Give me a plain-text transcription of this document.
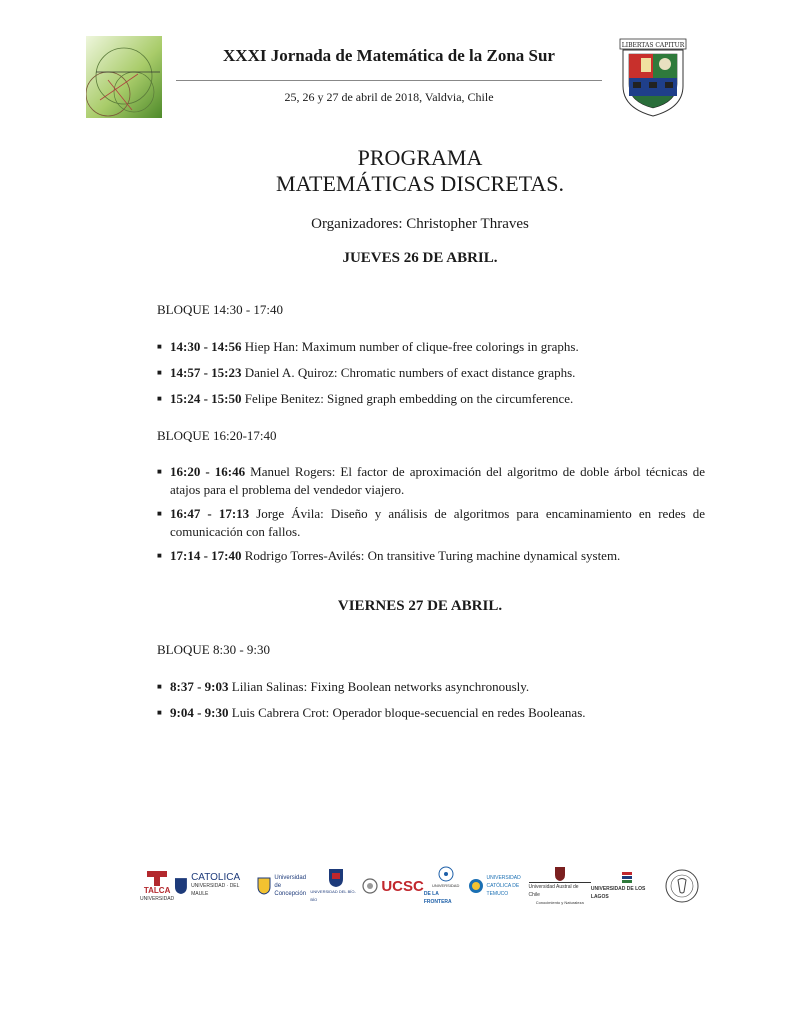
XXXI Jornada de Matemática de la Zona Sur
25, 26 y 27 de abril de 2018, Valdvia, Chile
LIBERTAS CAPITUR
PROGRAMA
MATEMÁTICAS DISCRETAS.
Organizadores: Christopher Thraves
JUEVES 26 DE ABRIL.
BLOQUE 14:30 - 17:40
■ 14:30 - 14:56 Hiep Han: Maximum number of clique-free colorings in graphs.
■ 14:57 - 15:23 Daniel A. Quiroz: Chromatic numbers of exact distance graphs.
■ 15:24 - 15:50 Felipe Benitez: Signed graph embedding on the circumference.
BLOQUE 16:20-17:40
■ 16:20 - 16:46 Manuel Rogers: El factor de aproximación del algoritmo de doble árbol técnicas de atajos para el problema del vendedor viajero.
■ 16:47 - 17:13 Jorge Ávila: Diseño y análisis de algoritmos para encaminamiento en redes de comunicación con fallos.
■ 17:14 - 17:40 Rodrigo Torres-Avilés: On transitive Turing machine dynamical system.
VIERNES 27 DE ABRIL.
BLOQUE 8:30 - 9:30
■ 8:37 - 9:03 Lilian Salinas: Fixing Boolean networks asynchronously.
■ 9:04 - 9:30 Luis Cabrera Crot: Operador bloque-secuencial en redes Booleanas.
TALCA
UNIVERSIDAD
CATOLICA
UNIVERSIDAD · DEL MAULE
Universidad de Concepción	UNIVERSIDAD DEL BÍO-BÍO
UCSC UNIVERSIDAD
DE LA FRONTERA
UNIVERSIDAD CATÓLICA DE TEMUCO
Universidad Austral de Chile
Conocimiento y Naturaleza
UNIVERSIDAD DE LOS LAGOS
